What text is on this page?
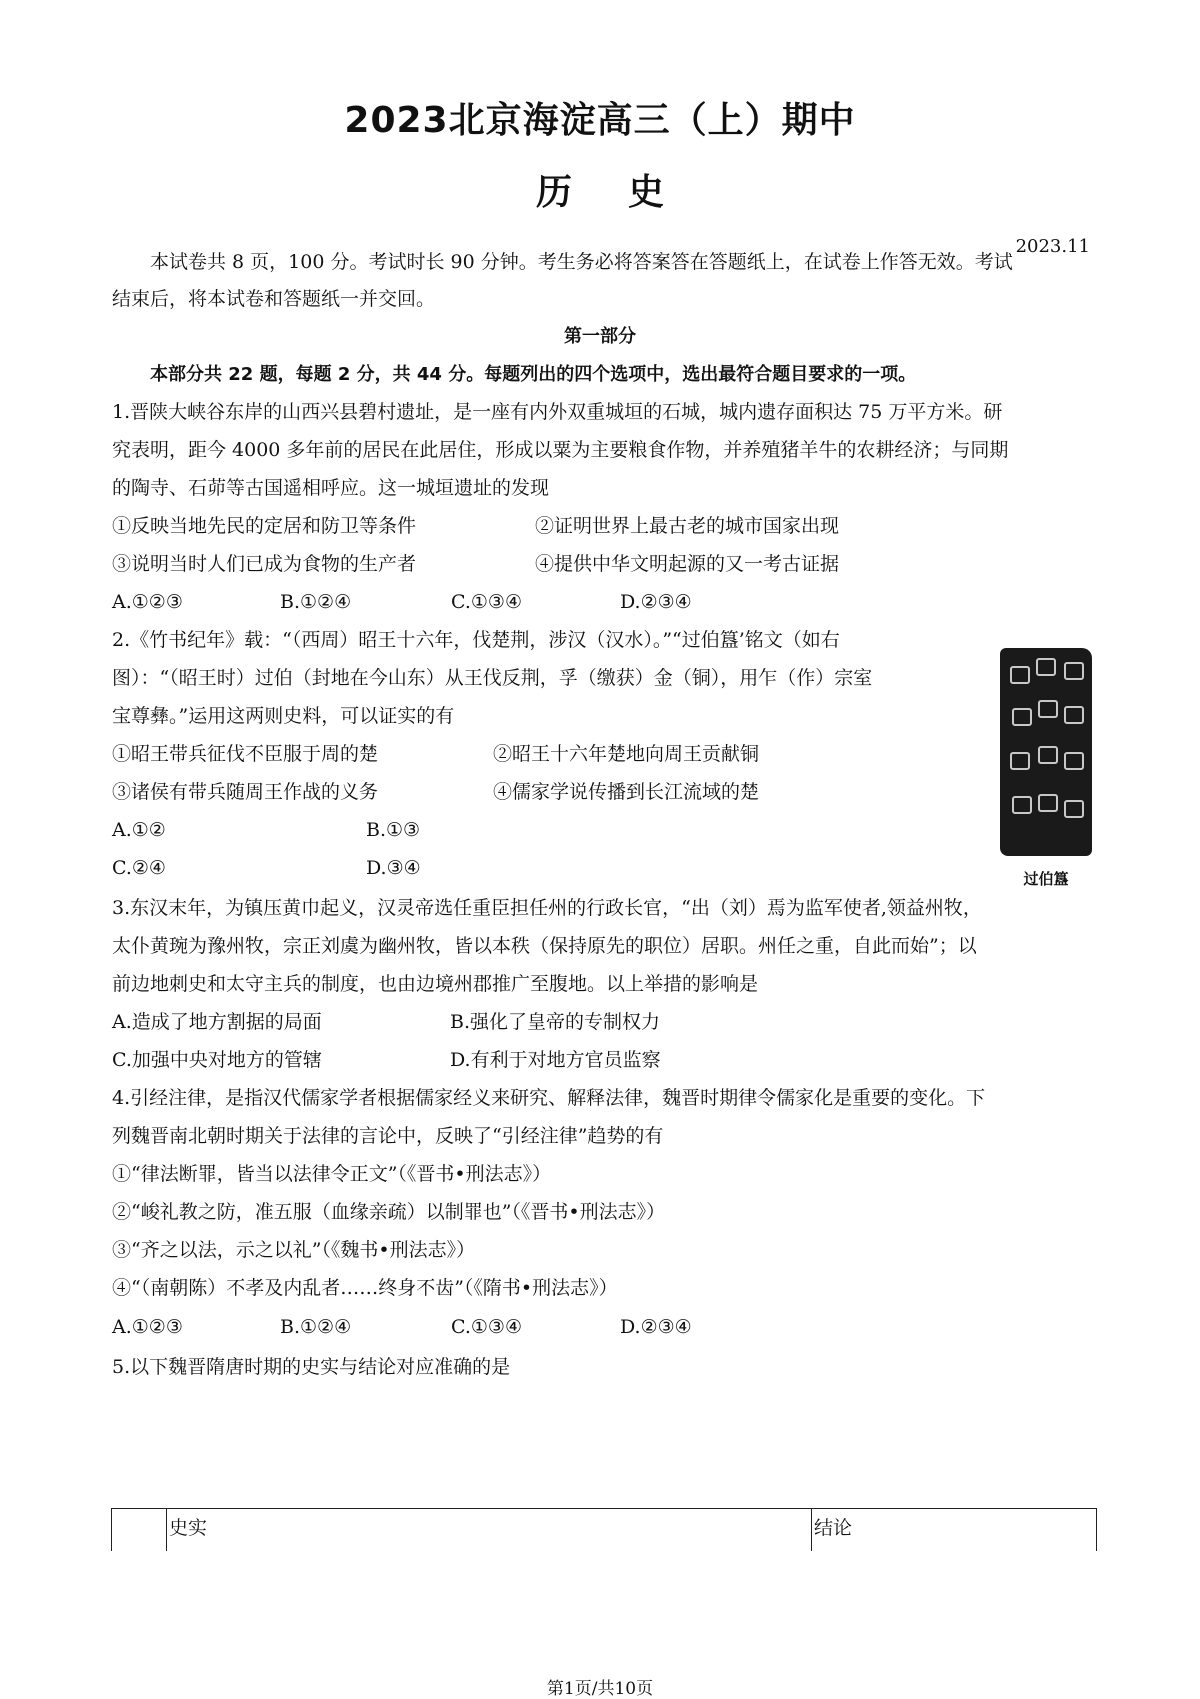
2023北京海淀高三（上）期中
历史
2023.11
本试卷共 8 页，100 分。考试时长 90 分钟。考生务必将答案答在答题纸上，在试卷上作答无效。考试
结束后，将本试卷和答题纸一并交回。
第一部分
本部分共 22 题，每题 2 分，共 44 分。每题列出的四个选项中，选出最符合题目要求的一项。
1.晋陕大峡谷东岸的山西兴县碧村遗址，是一座有内外双重城垣的石城，城内遗存面积达 75 万平方米。研
究表明，距今 4000 多年前的居民在此居住，形成以粟为主要粮食作物，并养殖猪羊牛的农耕经济；与同期
的陶寺、石茆等古国遥相呼应。这一城垣遗址的发现
①反映当地先民的定居和防卫等条件	②证明世界上最古老的城市国家出现
③说明当时人们已成为食物的生产者	④提供中华文明起源的又一考古证据
A.①②③	B.①②④	C.①③④	D.②③④
2.《竹书纪年》载：“（西周）昭王十六年，伐楚荆，涉汉（汉水）。”“过伯簋’铭文（如右
图）：“（昭王时）过伯（封地在今山东）从王伐反荆，孚（缴获）金（铜），用乍（作）宗室
宝尊彝。”运用这两则史料，可以证实的有
①昭王带兵征伐不臣服于周的楚	②昭王十六年楚地向周王贡献铜
③诸侯有带兵随周王作战的义务	④儒家学说传播到长江流域的楚
A.①②	B.①③
C.②④	D.③④	过伯簋
3.东汉末年，为镇压黄巾起义，汉灵帝选任重臣担任州的行政长官，“出（刘）焉为监军使者,领益州牧，
太仆黄琬为豫州牧，宗正刘虞为幽州牧，皆以本秩（保持原先的职位）居职。州任之重，自此而始”；以
前边地刺史和太守主兵的制度，也由边境州郡推广至腹地。以上举措的影响是
A.造成了地方割据的局面	B.强化了皇帝的专制权力
C.加强中央对地方的管辖	D.有利于对地方官员监察
4.引经注律，是指汉代儒家学者根据儒家经义来研究、解释法律，魏晋时期律令儒家化是重要的变化。下
列魏晋南北朝时期关于法律的言论中，反映了“引经注律”趋势的有
①“律法断罪，皆当以法律令正文”（《晋书•刑法志》）
②“峻礼教之防，准五服（血缘亲疏）以制罪也”（《晋书•刑法志》）
③“齐之以法，示之以礼”（《魏书•刑法志》）
④“（南朝陈）不孝及内乱者……终身不齿”（《隋书•刑法志》）
A.①②③	B.①②④	C.①③④	D.②③④
5.以下魏晋隋唐时期的史实与结论对应准确的是
	史实	结论
第1页/共10页
